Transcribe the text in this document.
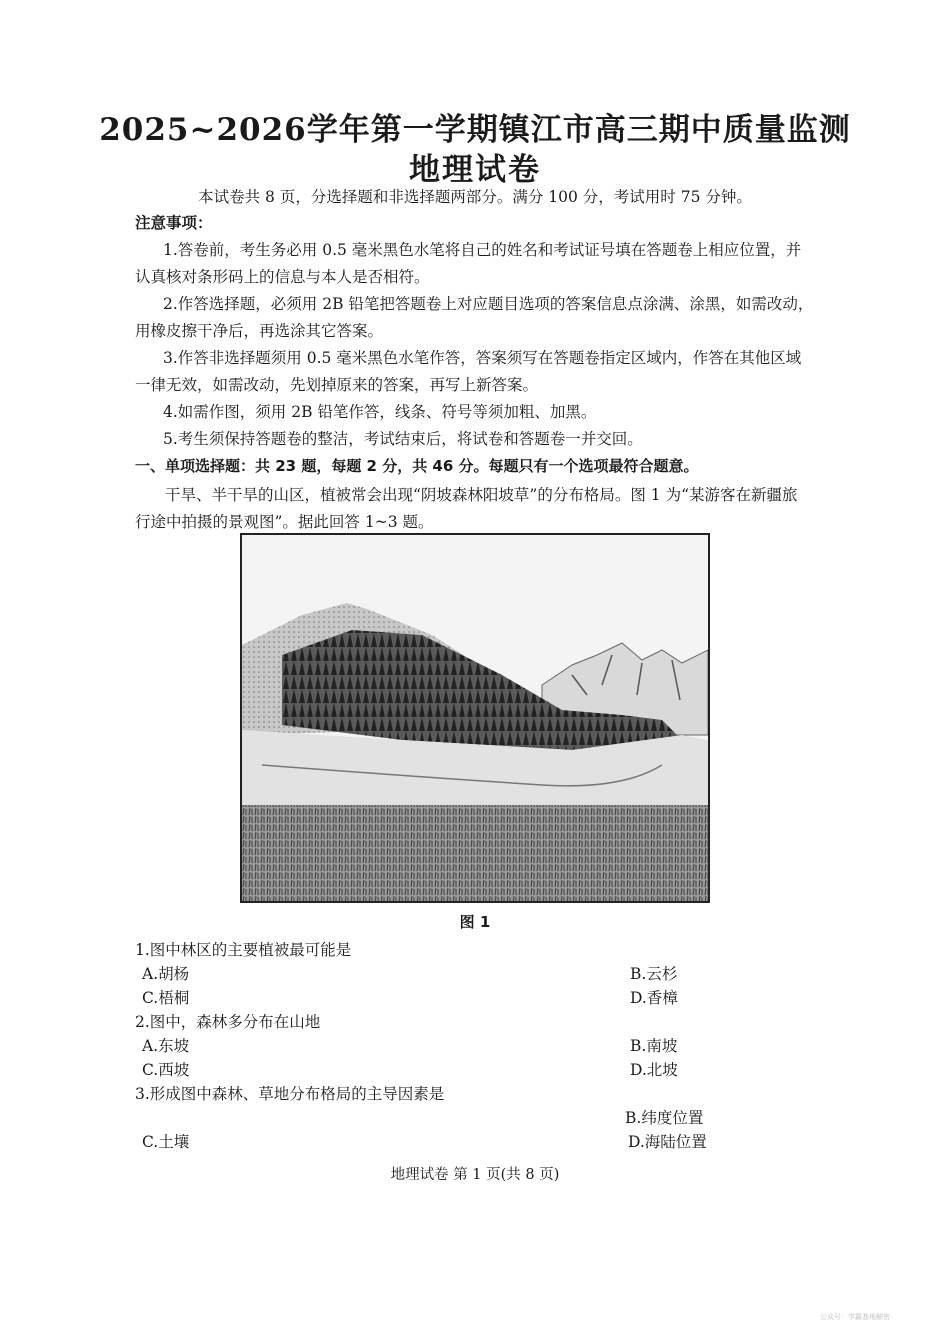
2025~2026学年第一学期镇江市高三期中质量监测
地理试卷
本试卷共 8 页，分选择题和非选择题两部分。满分 100 分，考试用时 75 分钟。
注意事项：
1.答卷前，考生务必用 0.5 毫米黑色水笔将自己的姓名和考试证号填在答题卷上相应位置，并
认真核对条形码上的信息与本人是否相符。
2.作答选择题，必须用 2B 铅笔把答题卷上对应题目选项的答案信息点涂满、涂黑，如需改动，
用橡皮擦干净后，再选涂其它答案。
3.作答非选择题须用 0.5 毫米黑色水笔作答，答案须写在答题卷指定区域内，作答在其他区域
一律无效，如需改动，先划掉原来的答案，再写上新答案。
4.如需作图，须用 2B 铅笔作答，线条、符号等须加粗、加黑。
5.考生须保持答题卷的整洁，考试结束后，将试卷和答题卷一并交回。
一、单项选择题：共 23 题，每题 2 分，共 46 分。每题只有一个选项最符合题意。
干旱、半干旱的山区，植被常会出现“阴坡森林阳坡草”的分布格局。图 1 为“某游客在新疆旅
行途中拍摄的景观图”。据此回答 1~3 题。
图 1
1.图中林区的主要植被最可能是
A.胡杨	B.云杉
C.梧桐	D.香樟
2.图中，森林多分布在山地
A.东坡	B.南坡
C.西坡	D.北坡
3.形成图中森林、草地分布格局的主导因素是
B.纬度位置
C.土壤	D.海陆位置
地理试卷 第 1 页(共 8 页)
公众号：学霸基地解密
